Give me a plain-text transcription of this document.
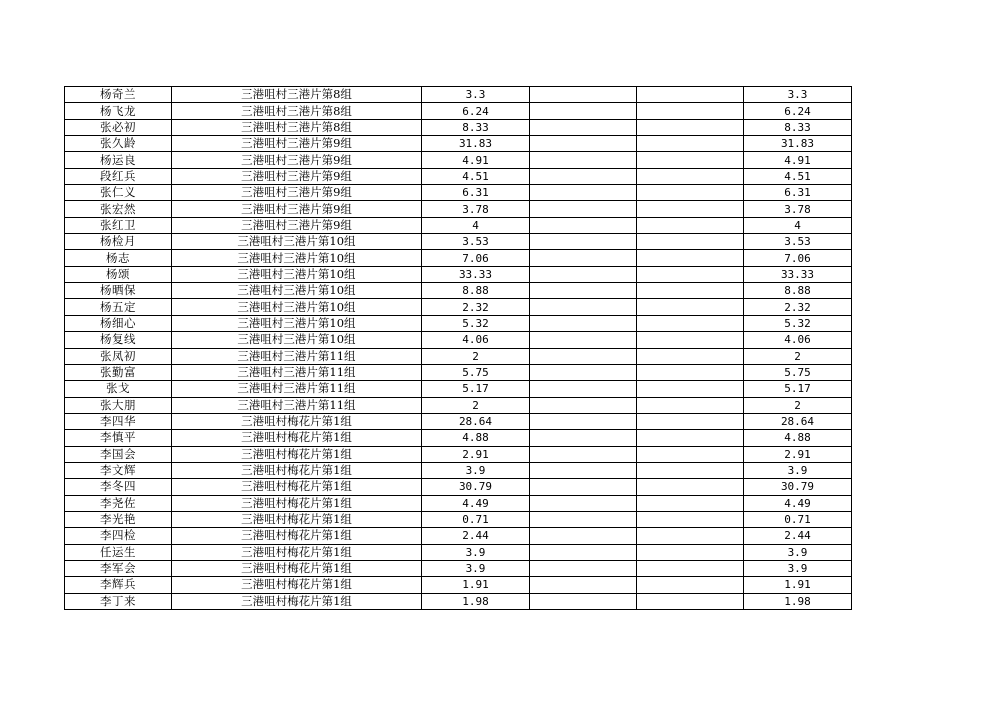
杨奇兰	三港咀村三港片第8组	3.3			3.3
杨飞龙	三港咀村三港片第8组	6.24			6.24
张必初	三港咀村三港片第8组	8.33			8.33
张久龄	三港咀村三港片第9组	31.83			31.83
杨运良	三港咀村三港片第9组	4.91			4.91
段红兵	三港咀村三港片第9组	4.51			4.51
张仁义	三港咀村三港片第9组	6.31			6.31
张宏然	三港咀村三港片第9组	3.78			3.78
张红卫	三港咀村三港片第9组	4			4
杨检月	三港咀村三港片第10组	3.53			3.53
杨志	三港咀村三港片第10组	7.06			7.06
杨颂	三港咀村三港片第10组	33.33			33.33
杨晒保	三港咀村三港片第10组	8.88			8.88
杨五定	三港咀村三港片第10组	2.32			2.32
杨细心	三港咀村三港片第10组	5.32			5.32
杨复线	三港咀村三港片第10组	4.06			4.06
张凤初	三港咀村三港片第11组	2			2
张勤富	三港咀村三港片第11组	5.75			5.75
张戈	三港咀村三港片第11组	5.17			5.17
张大朋	三港咀村三港片第11组	2			2
李四华	三港咀村梅花片第1组	28.64			28.64
李慎平	三港咀村梅花片第1组	4.88			4.88
李国会	三港咀村梅花片第1组	2.91			2.91
李文辉	三港咀村梅花片第1组	3.9			3.9
李冬四	三港咀村梅花片第1组	30.79			30.79
李尧佐	三港咀村梅花片第1组	4.49			4.49
李光艳	三港咀村梅花片第1组	0.71			0.71
李四检	三港咀村梅花片第1组	2.44			2.44
任运生	三港咀村梅花片第1组	3.9			3.9
李军会	三港咀村梅花片第1组	3.9			3.9
李辉兵	三港咀村梅花片第1组	1.91			1.91
李丁来	三港咀村梅花片第1组	1.98			1.98
